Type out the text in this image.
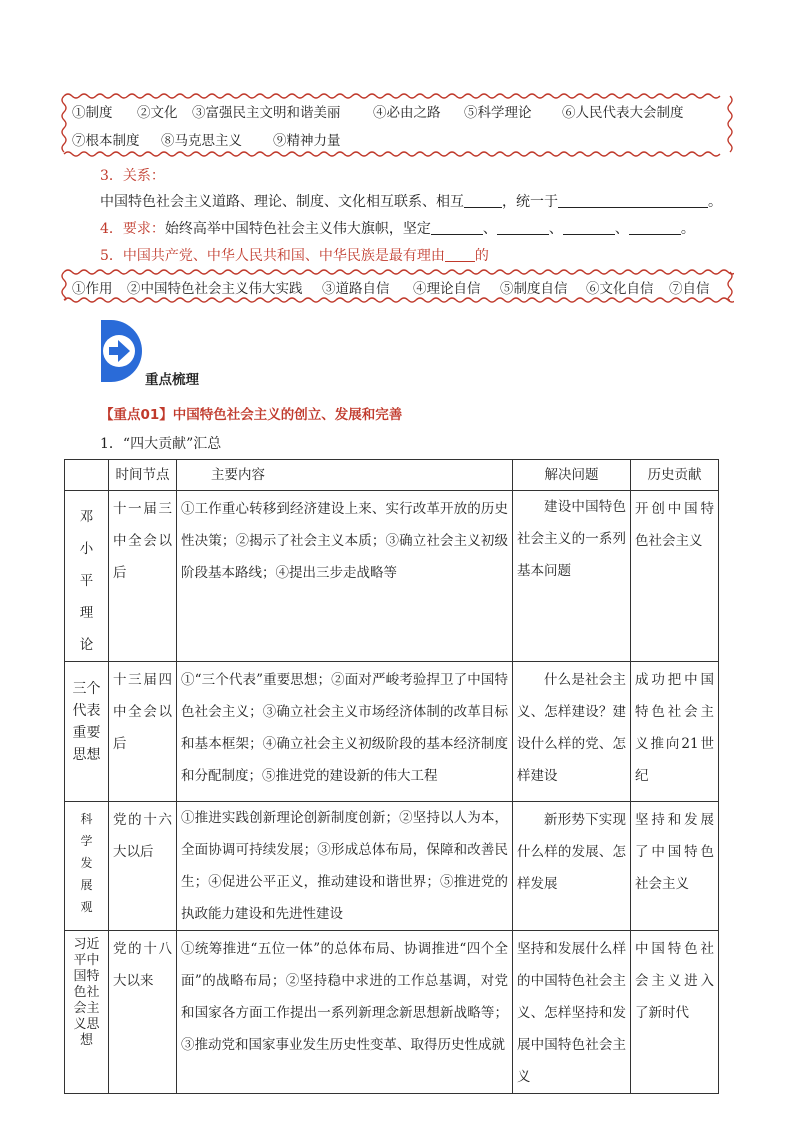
①制度 ②文化 ③富强民主文明和谐美丽 ④必由之路 ⑤科学理论 ⑥人民代表大会制度
⑦根本制度 ⑧马克思主义 ⑨精神力量
3．关系：
中国特色社会主义道路、理论、制度、文化相互联系、相互	，统一于	。
4．要求：始终高举中国特色社会主义伟大旗帜，坚定	、	、	、	。
5．中国共产党、中华人民共和国、中华民族是最有理由 的
①作用 ②中国特色社会主义伟大实践 ③道路自信 ④理论自信 ⑤制度自信 ⑥文化自信 ⑦自信
重点梳理
【重点01】中国特色社会主义的创立、发展和完善
1．“四大贡献”汇总
	时间节点	主要内容	解决问题	历史贡献

邓小平理论	十一届三中全会以后	①工作重心转移到经济建设上来、实行改革开放的历史性决策；②揭示了社会主义本质；③确立社会主义初级阶段基本路线；④提出三步走战略等	建设中国特色社会主义的一系列基本问题	开创中国特色社会主义

三个代表重要思想	十三届四中全会以后	①“三个代表”重要思想；②面对严峻考验捍卫了中国特色社会主义；③确立社会主义市场经济体制的改革目标和基本框架；④确立社会主义初级阶段的基本经济制度和分配制度；⑤推进党的建设新的伟大工程	什么是社会主义、怎样建设？建设什么样的党、怎样建设	成功把中国特色社会主义推向21世纪

科学发展观	党的十六大以后	①推进实践创新理论创新制度创新；②坚持以人为本，全面协调可持续发展；③形成总体布局，保障和改善民生；④促进公平正义，推动建设和谐世界；⑤推进党的执政能力建设和先进性建设	新形势下实现什么样的发展、怎样发展	坚持和发展了中国特色社会主义

习近平中国特色社会主义思想	党的十八大以来	①统筹推进“五位一体”的总体布局、协调推进“四个全面”的战略布局；②坚持稳中求进的工作总基调，对党和国家各方面工作提出一系列新理念新思想新战略等；③推动党和国家事业发生历史性变革、取得历史性成就	坚持和发展什么样的中国特色社会主义、怎样坚持和发展中国特色社会主义	中国特色社会主义进入了新时代
